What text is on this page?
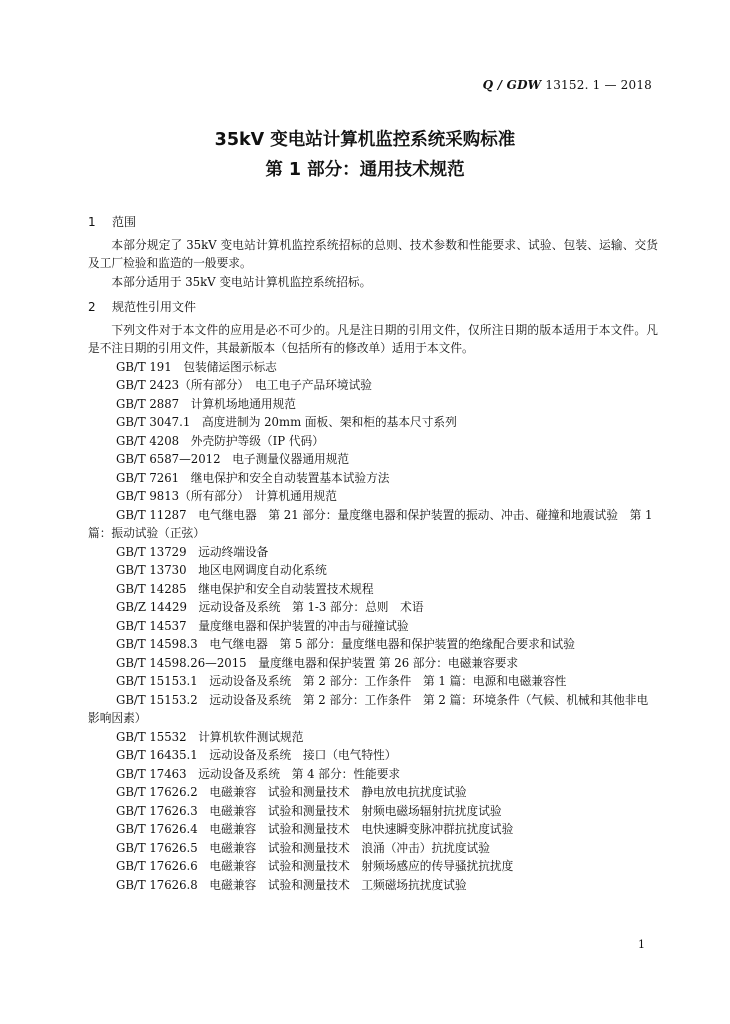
Q / GDW 13152. 1 — 2018
35kV 变电站计算机监控系统采购标准
第 1 部分：通用技术规范
1 范围
本部分规定了 35kV 变电站计算机监控系统招标的总则、技术参数和性能要求、试验、包装、运输、交货及工厂检验和监造的一般要求。
本部分适用于 35kV 变电站计算机监控系统招标。
2 规范性引用文件
下列文件对于本文件的应用是必不可少的。凡是注日期的引用文件，仅所注日期的版本适用于本文件。凡是不注日期的引用文件，其最新版本（包括所有的修改单）适用于本文件。
GB/T 191　包装储运图示标志
GB/T 2423（所有部分）　电工电子产品环境试验
GB/T 2887　计算机场地通用规范
GB/T 3047.1　高度进制为 20mm 面板、架和柜的基本尺寸系列
GB/T 4208　外壳防护等级（IP 代码）
GB/T 6587—2012　电子测量仪器通用规范
GB/T 7261　继电保护和安全自动装置基本试验方法
GB/T 9813（所有部分）　计算机通用规范
GB/T 11287　电气继电器　第 21 部分：量度继电器和保护装置的振动、冲击、碰撞和地震试验　第 1 篇：振动试验（正弦）
GB/T 13729　远动终端设备
GB/T 13730　地区电网调度自动化系统
GB/T 14285　继电保护和安全自动装置技术规程
GB/Z 14429　远动设备及系统　第 1-3 部分：总则　术语
GB/T 14537　量度继电器和保护装置的冲击与碰撞试验
GB/T 14598.3　电气继电器　第 5 部分：量度继电器和保护装置的绝缘配合要求和试验
GB/T 14598.26—2015　量度继电器和保护装置 第 26 部分：电磁兼容要求
GB/T 15153.1　远动设备及系统　第 2 部分：工作条件　第 1 篇：电源和电磁兼容性
GB/T 15153.2　远动设备及系统　第 2 部分：工作条件　第 2 篇：环境条件（气候、机械和其他非电影响因素）
GB/T 15532　计算机软件测试规范
GB/T 16435.1　远动设备及系统　接口（电气特性）
GB/T 17463　远动设备及系统　第 4 部分：性能要求
GB/T 17626.2　电磁兼容　试验和测量技术　静电放电抗扰度试验
GB/T 17626.3　电磁兼容　试验和测量技术　射频电磁场辐射抗扰度试验
GB/T 17626.4　电磁兼容　试验和测量技术　电快速瞬变脉冲群抗扰度试验
GB/T 17626.5　电磁兼容　试验和测量技术　浪涌（冲击）抗扰度试验
GB/T 17626.6　电磁兼容　试验和测量技术　射频场感应的传导骚扰抗扰度
GB/T 17626.8　电磁兼容　试验和测量技术　工频磁场抗扰度试验
1
